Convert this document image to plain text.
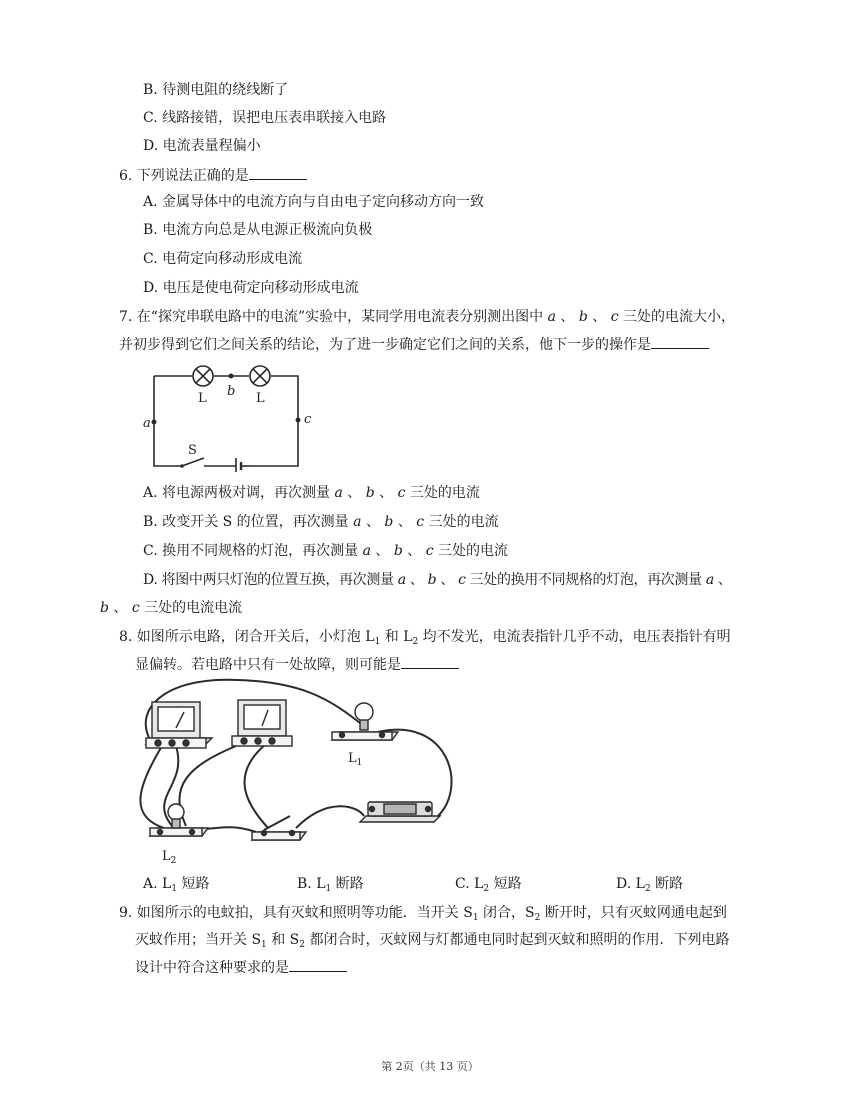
B. 待测电阻的绕线断了
C. 线路接错，误把电压表串联接入电路
D. 电流表量程偏小
6. 下列说法正确的是
A. 金属导体中的电流方向与自由电子定向移动方向一致
B. 电流方向总是从电源正极流向负极
C. 电荷定向移动形成电流
D. 电压是使电荷定向移动形成电流
7. 在“探究串联电路中的电流”实验中，某同学用电流表分别测出图中 a 、 b 、 c 三处的电流大小，
并初步得到它们之间关系的结论，为了进一步确定它们之间的关系，他下一步的操作是
L	L
b
a	c
S
A. 将电源两极对调，再次测量 a 、 b 、 c 三处的电流
B. 改变开关 S 的位置，再次测量 a 、 b 、 c 三处的电流
C. 换用不同规格的灯泡，再次测量 a 、 b 、 c 三处的电流
D. 将图中两只灯泡的位置互换，再次测量 a 、 b 、 c 三处的换用不同规格的灯泡，再次测量 a 、
b 、 c 三处的电流电流
8. 如图所示电路，闭合开关后，小灯泡 $L_1$ 和 $L_2$ 均不发光，电流表指针几乎不动，电压表指针有明
显偏转。若电路中只有一处故障，则可能是
$L_1$
$L_2$
A. $L_1$ 短路	B. $L_1$ 断路	C. $L_2$ 短路	D. $L_2$ 断路
9. 如图所示的电蚊拍，具有灭蚊和照明等功能．当开关 $S_1$ 闭合，$S_2$ 断开时，只有灭蚊网通电起到
灭蚊作用；当开关 $S_1$ 和 $S_2$ 都闭合时，灭蚊网与灯都通电同时起到灭蚊和照明的作用．下列电路
设计中符合这种要求的是
第 2页（共 13 页）
